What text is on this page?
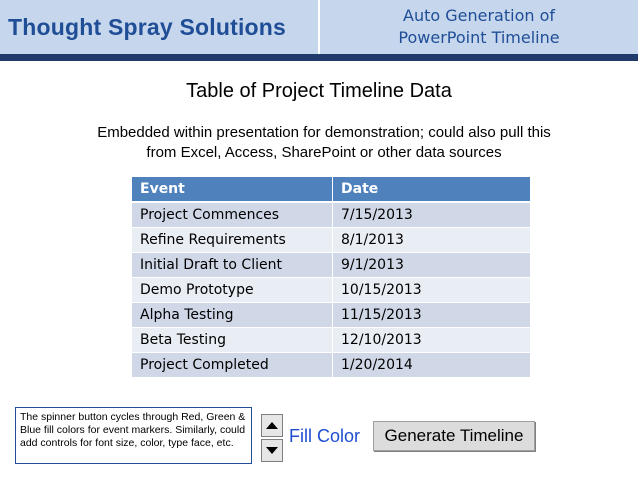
Thought Spray Solutions	Auto Generation of
PowerPoint Timeline
Table of Project Timeline Data
Embedded within presentation for demonstration; could also pull this
from Excel, Access, SharePoint or other data sources
Event	Date
Project Commences	7/15/2013
Refine Requirements	8/1/2013
Initial Draft to Client	9/1/2013
Demo Prototype	10/15/2013
Alpha Testing	11/15/2013
Beta Testing	12/10/2013
Project Completed	1/20/2014
The spinner button cycles through Red, Green & Blue fill colors for event markers. Similarly, could add controls for font size, color, type face, etc.	Fill Color	Generate Timeline
